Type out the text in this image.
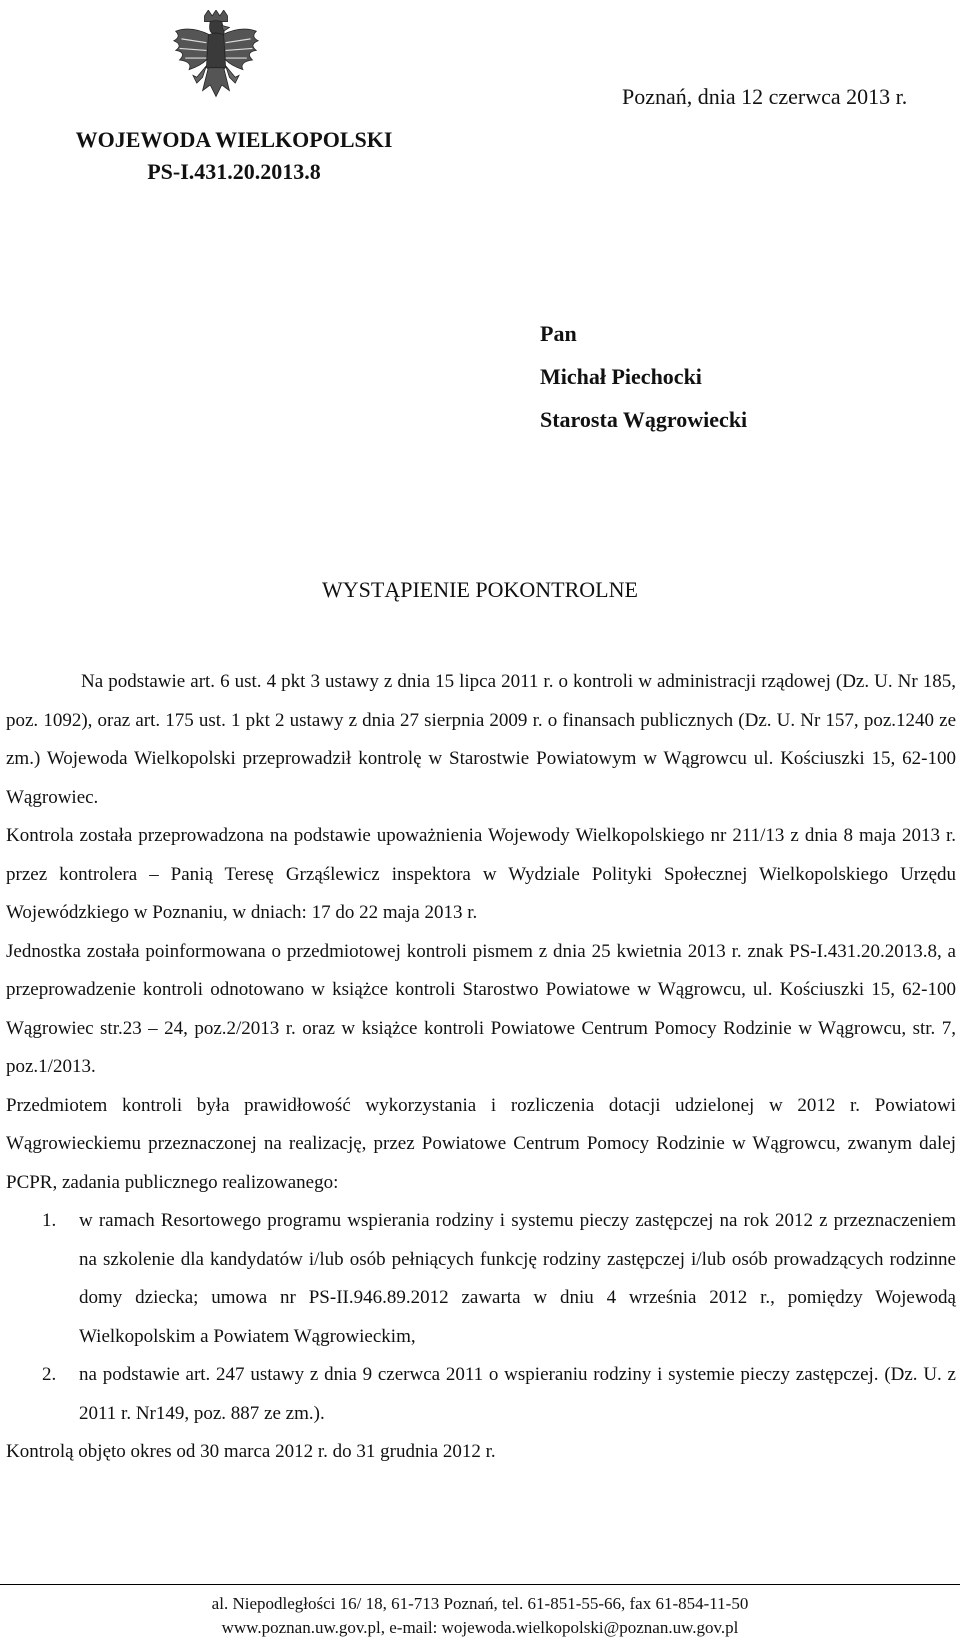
Poznań, dnia 12 czerwca 2013 r.
WOJEWODA WIELKOPOLSKI
PS-I.431.20.2013.8
Pan
Michał Piechocki
Starosta Wągrowiecki
WYSTĄPIENIE POKONTROLNE

Na podstawie art. 6 ust. 4 pkt 3 ustawy z dnia 15 lipca 2011 r. o kontroli w administracji rządowej (Dz. U. Nr 185, poz. 1092), oraz art. 175 ust. 1 pkt 2 ustawy z dnia 27 sierpnia 2009 r. o finansach publicznych (Dz. U. Nr 157, poz.1240 ze zm.) Wojewoda Wielkopolski przeprowadził kontrolę w Starostwie Powiatowym w Wągrowcu ul. Kościuszki 15, 62-100 Wągrowiec.

Kontrola została przeprowadzona na podstawie upoważnienia Wojewody Wielkopolskiego nr 211/13 z dnia 8 maja 2013 r. przez kontrolera – Panią Teresę Grząślewicz inspektora w Wydziale Polityki Społecznej Wielkopolskiego Urzędu Wojewódzkiego w Poznaniu, w dniach: 17 do 22 maja 2013 r.

Jednostka została poinformowana o przedmiotowej kontroli pismem z dnia 25 kwietnia 2013 r. znak PS-I.431.20.2013.8, a przeprowadzenie kontroli odnotowano w książce kontroli Starostwo Powiatowe w Wągrowcu, ul. Kościuszki 15, 62-100 Wągrowiec str.23 – 24, poz.2/2013 r. oraz w książce kontroli Powiatowe Centrum Pomocy Rodzinie w Wągrowcu, str. 7, poz.1/2013.

Przedmiotem kontroli była prawidłowość wykorzystania i rozliczenia dotacji udzielonej w 2012 r. Powiatowi Wągrowieckiemu przeznaczonej na realizację, przez Powiatowe Centrum Pomocy Rodzinie w Wągrowcu, zwanym dalej PCPR, zadania publicznego realizowanego:

1. w ramach Resortowego programu wspierania rodziny i systemu pieczy zastępczej na rok 2012 z przeznaczeniem na szkolenie dla kandydatów i/lub osób pełniących funkcję rodziny zastępczej i/lub osób prowadzących rodzinne domy dziecka; umowa nr PS-II.946.89.2012 zawarta w dniu 4 września 2012 r., pomiędzy Wojewodą Wielkopolskim a Powiatem Wągrowieckim,
2. na podstawie art. 247 ustawy z dnia 9 czerwca 2011 o wspieraniu rodziny i systemie pieczy zastępczej. (Dz. U. z 2011 r. Nr149, poz. 887 ze zm.).

Kontrolą objęto okres od 30 marca 2012 r. do 31 grudnia 2012 r.

al. Niepodległości 16/ 18, 61-713 Poznań, tel. 61-851-55-66, fax 61-854-11-50
www.poznan.uw.gov.pl, e-mail: wojewoda.wielkopolski@poznan.uw.gov.pl
